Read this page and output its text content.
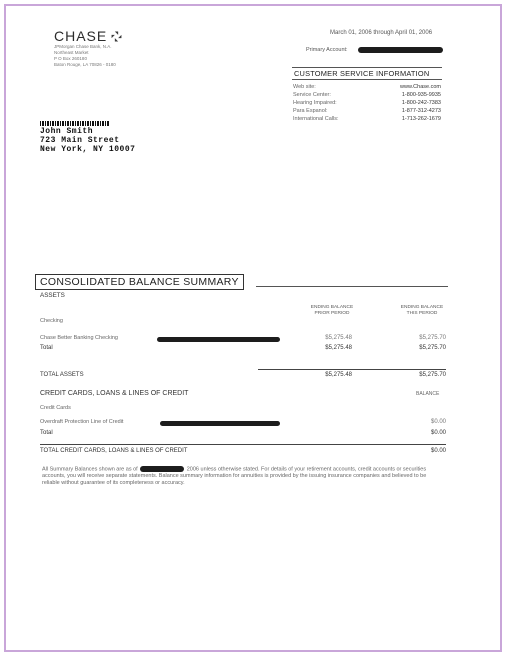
CHASE
JPMorgan Chase Bank, N.A.
Northeast Market
P O Box 260180
Baton Rouge, LA 70826 - 0180
March 01, 2006 through April 01, 2006
Primary Account:
CUSTOMER SERVICE INFORMATION
Web site:	www.Chase.com
Service Center:	1-800-935-9935
Hearing Impaired:	1-800-242-7383
Para Espanol:	1-877-312-4273
International Calls:	1-713-262-1679
John Smith
723 Main Street
New York, NY 10007
CONSOLIDATED BALANCE SUMMARY
ASSETS
ENDING BALANCE
PRIOR PERIOD
ENDING BALANCE
THIS PERIOD
Checking
Chase Better Banking Checking	$5,275.48	$5,275.70
Total	$5,275.48	$5,275.70
TOTAL ASSETS	$5,275.48	$5,275.70
CREDIT CARDS, LOANS & LINES OF CREDIT	BALANCE
Credit Cards
Overdraft Protection Line of Credit	$0.00
Total	$0.00
TOTAL CREDIT CARDS, LOANS & LINES OF CREDIT	$0.00
All Summary Balances shown are as of	2006 unless otherwise stated. For details of your retirement accounts, credit accounts or securities accounts, you will receive separate statements. Balance summary information for annuities is provided by the issuing insurance companies and believed to be reliable without guarantee of its completeness or accuracy.
